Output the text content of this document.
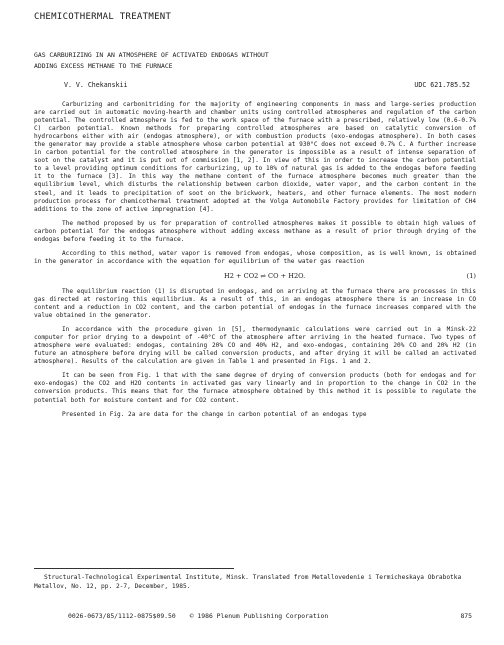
CHEMICOTHERMAL TREATMENT
GAS CARBURIZING IN AN ATMOSPHERE OF ACTIVATED ENDOGAS WITHOUT
ADDING EXCESS METHANE TO THE FURNACE
V. V. Chekanskii	UDC 621.785.52

Carburizing and carbonitriding for the majority of engineering components in mass and large-series production are carried out in automatic moving-hearth and chamber units using controlled atmospheres and regulation of the carbon potential. The controlled atmosphere is fed to the work space of the furnace with a prescribed, relatively low (0.6-0.7% C) carbon potential. Known methods for preparing controlled atmospheres are based on catalytic conversion of hydrocarbons either with air (endogas atmosphere), or with combustion products (exo-endogas atmosphere). In both cases the generator may provide a stable atmosphere whose carbon potential at 930°C does not exceed 0.7% C. A further increase in carbon potential for the controlled atmosphere in the generator is impossible as a result of intense separation of soot on the catalyst and it is put out of commission [1, 2]. In view of this in order to increase the carbon potential to a level providing optimum conditions for carburizing, up to 10% of natural gas is added to the endogas before feeding it to the furnace [3]. In this way the methane content of the furnace atmosphere becomes much greater than the equilibrium level, which disturbs the relationship between carbon dioxide, water vapor, and the carbon content in the steel, and it leads to precipitation of soot on the brickwork, heaters, and other furnace elements. The most modern production process for chemicothermal treatment adopted at the Volga Automobile Factory provides for limitation of CH4 additions to the zone of active impregnation [4].

The method proposed by us for preparation of controlled atmospheres makes it possible to obtain high values of carbon potential for the endogas atmosphere without adding excess methane as a result of prior through drying of the endogas before feeding it to the furnace.

According to this method, water vapor is removed from endogas, whose composition, as is well known, is obtained in the generator in accordance with the equation for equilibrium of the water gas reaction

H2 + CO2 ⇌ CO + H2O.	(1)

The equilibrium reaction (1) is disrupted in endogas, and on arriving at the furnace there are processes in this gas directed at restoring this equilibrium. As a result of this, in an endogas atmosphere there is an increase in CO content and a reduction in CO2 content, and the carbon potential of endogas in the furnace increases compared with the value obtained in the generator.

In accordance with the procedure given in [5], thermodynamic calculations were carried out in a Minsk-22 computer for prior drying to a dewpoint of -40°C of the atmosphere after arriving in the heated furnace. Two types of atmosphere were evaluated: endogas, containing 20% CO and 40% H2, and exo-endogas, containing 20% CO and 20% H2 (in future an atmosphere before drying will be called conversion products, and after drying it will be called an activated atmosphere). Results of the calculation are given in Table 1 and presented in Figs. 1 and 2.

It can be seen from Fig. 1 that with the same degree of drying of conversion products (both for endogas and for exo-endogas) the CO2 and H2O contents in activated gas vary linearly and in proportion to the change in CO2 in the conversion products. This means that for the furnace atmosphere obtained by this method it is possible to regulate the potential both for moisture content and for CO2 content.

Presented in Fig. 2a are data for the change in carbon potential of an endogas type

Structural-Technological Experimental Institute, Minsk. Translated from Metallovedenie i Termicheskaya Obrabotka Metallov, No. 12, pp. 2-7, December, 1985.
0026-0673/85/1112-0875$09.50 © 1986 Plenum Publishing Corporation	875
